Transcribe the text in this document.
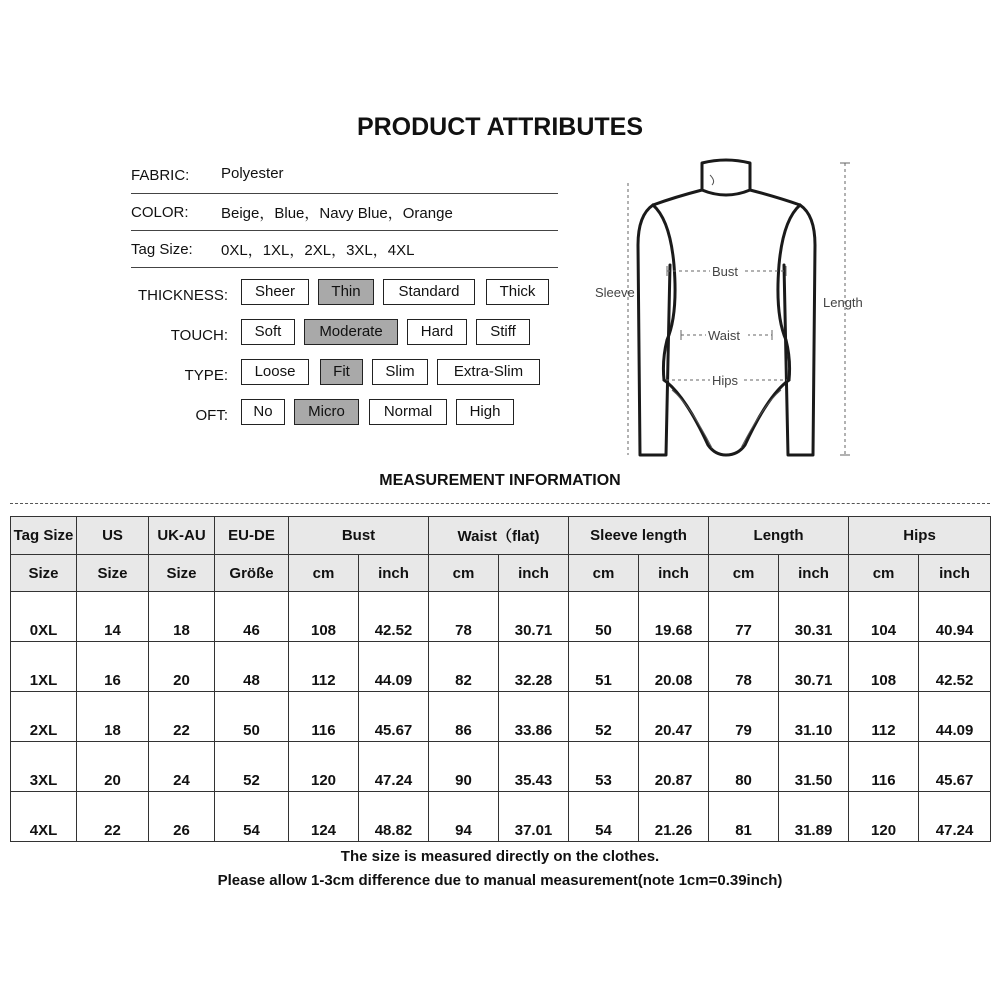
PRODUCT ATTRIBUTES
FABRIC: Polyester
COLOR: Beige，Blue，Navy Blue，Orange
Tag Size: 0XL，1XL，2XL，3XL，4XL
THICKNESS:	Sheer	Thin	Standard	Thick
TOUCH:	Soft	Moderate	Hard	Stiff
TYPE:	Loose	Fit	Slim	Extra-Slim
OFT:	No	Micro	Normal	High
Bust
Waist
Hips
Sleeve
Length
MEASUREMENT INFORMATION
Tag Size	US	UK-AU	EU-DE	Bust		Waist（flat)		Sleeve length		Length		Hips	
Size	Size	Size	Größe	cm	inch	cm	inch	cm	inch	cm	inch	cm	inch
0XL	14	18	46	108	42.52	78	30.71	50	19.68	77	30.31	104	40.94
1XL	16	20	48	112	44.09	82	32.28	51	20.08	78	30.71	108	42.52
2XL	18	22	50	116	45.67	86	33.86	52	20.47	79	31.10	112	44.09
3XL	20	24	52	120	47.24	90	35.43	53	20.87	80	31.50	116	45.67
4XL	22	26	54	124	48.82	94	37.01	54	21.26	81	31.89	120	47.24
The size is measured directly on the clothes.
Please allow 1-3cm difference due to manual measurement(note 1cm=0.39inch)
